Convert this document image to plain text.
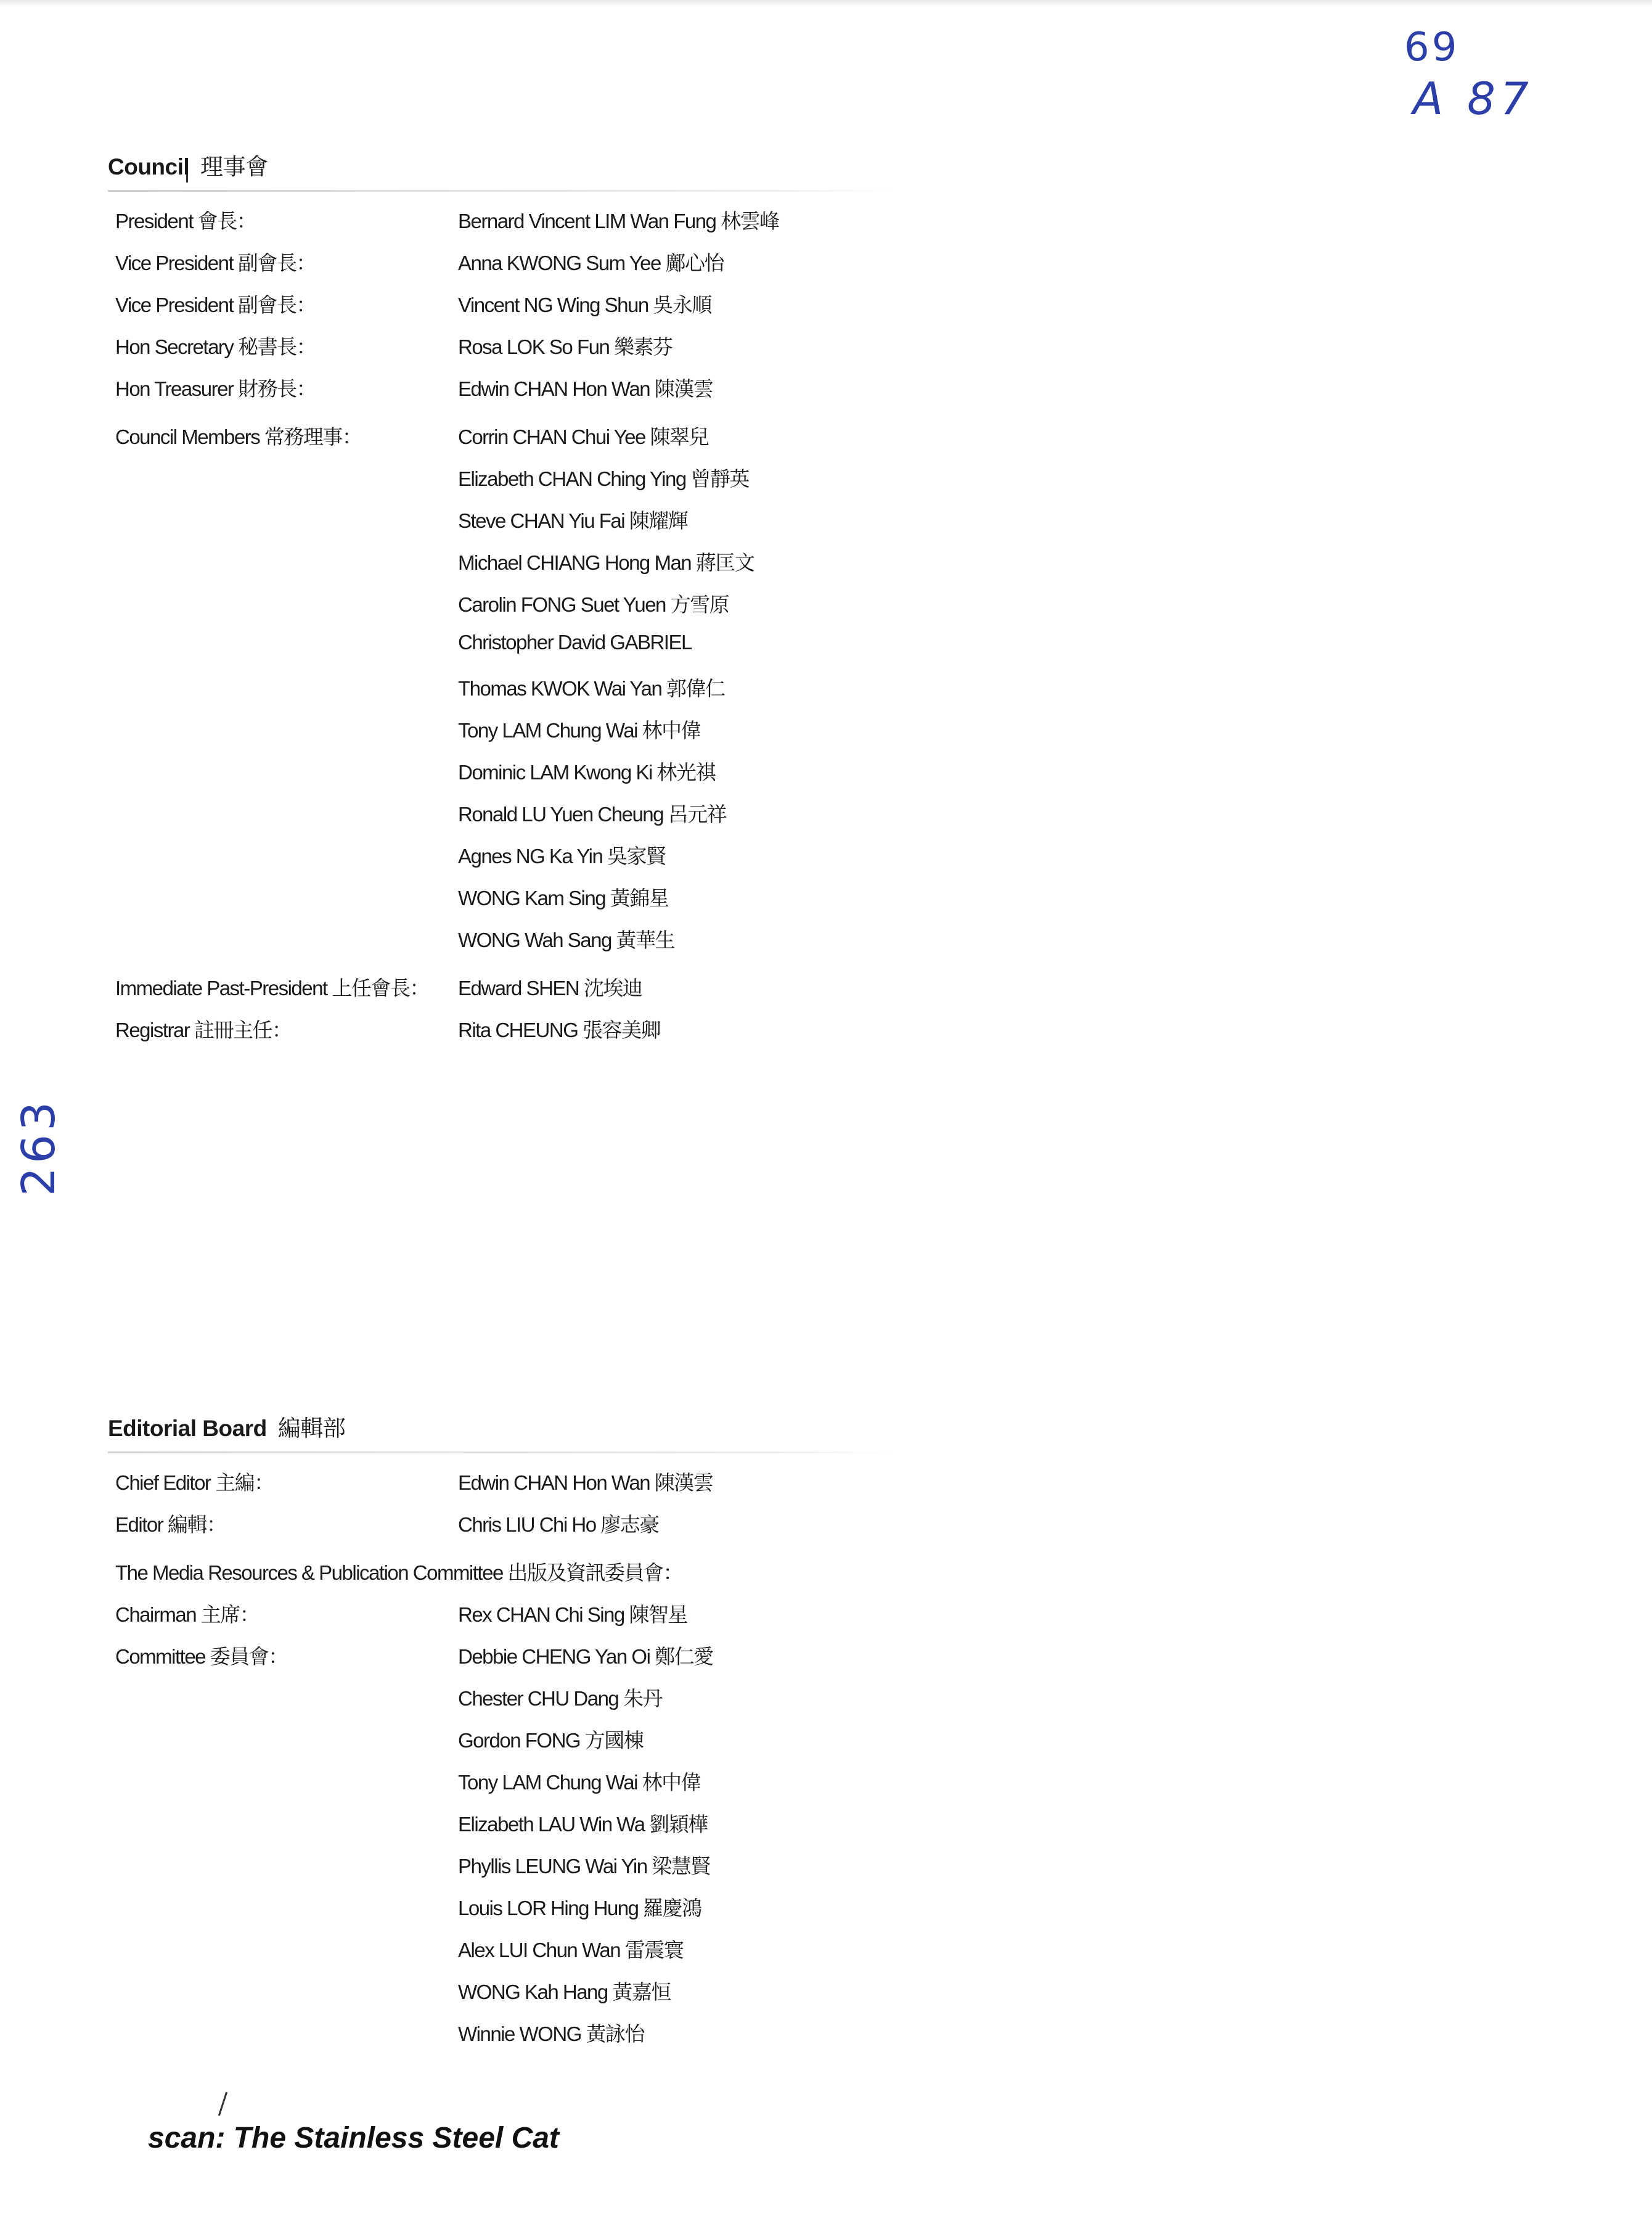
69
A 87
263
Council 理事會
President 會長：	Bernard Vincent LIM Wan Fung 林雲峰
Vice President 副會長：	Anna KWONG Sum Yee 鄺心怡
Vice President 副會長：	Vincent NG Wing Shun 吳永順
Hon Secretary 秘書長：	Rosa LOK So Fun 樂素芬
Hon Treasurer 財務長：	Edwin CHAN Hon Wan 陳漢雲
Council Members 常務理事：	Corrin CHAN Chui Yee 陳翠兒
Elizabeth CHAN Ching Ying 曾靜英
Steve CHAN Yiu Fai 陳耀輝
Michael CHIANG Hong Man 蔣匡文
Carolin FONG Suet Yuen 方雪原
Christopher David GABRIEL
Thomas KWOK Wai Yan 郭偉仁
Tony LAM Chung Wai 林中偉
Dominic LAM Kwong Ki 林光祺
Ronald LU Yuen Cheung 呂元祥
Agnes NG Ka Yin 吳家賢
WONG Kam Sing 黃錦星
WONG Wah Sang 黃華生
Immediate Past-President 上任會長： Edward SHEN 沈埃迪
Registrar 註冊主任：	Rita CHEUNG 張容美卿
Editorial Board 編輯部
Chief Editor 主編：	Edwin CHAN Hon Wan 陳漢雲
Editor 編輯：	Chris LIU Chi Ho 廖志豪
The Media Resources & Publication Committee 出版及資訊委員會：
Chairman 主席：	Rex CHAN Chi Sing 陳智星
Committee 委員會：	Debbie CHENG Yan Oi 鄭仁愛
Chester CHU Dang 朱丹
Gordon FONG 方國棟
Tony LAM Chung Wai 林中偉
Elizabeth LAU Win Wa 劉穎樺
Phyllis LEUNG Wai Yin 梁慧賢
Louis LOR Hing Hung 羅慶鴻
Alex LUI Chun Wan 雷震寰
WONG Kah Hang 黃嘉恒
Winnie WONG 黃詠怡
scan: The Stainless Steel Cat
